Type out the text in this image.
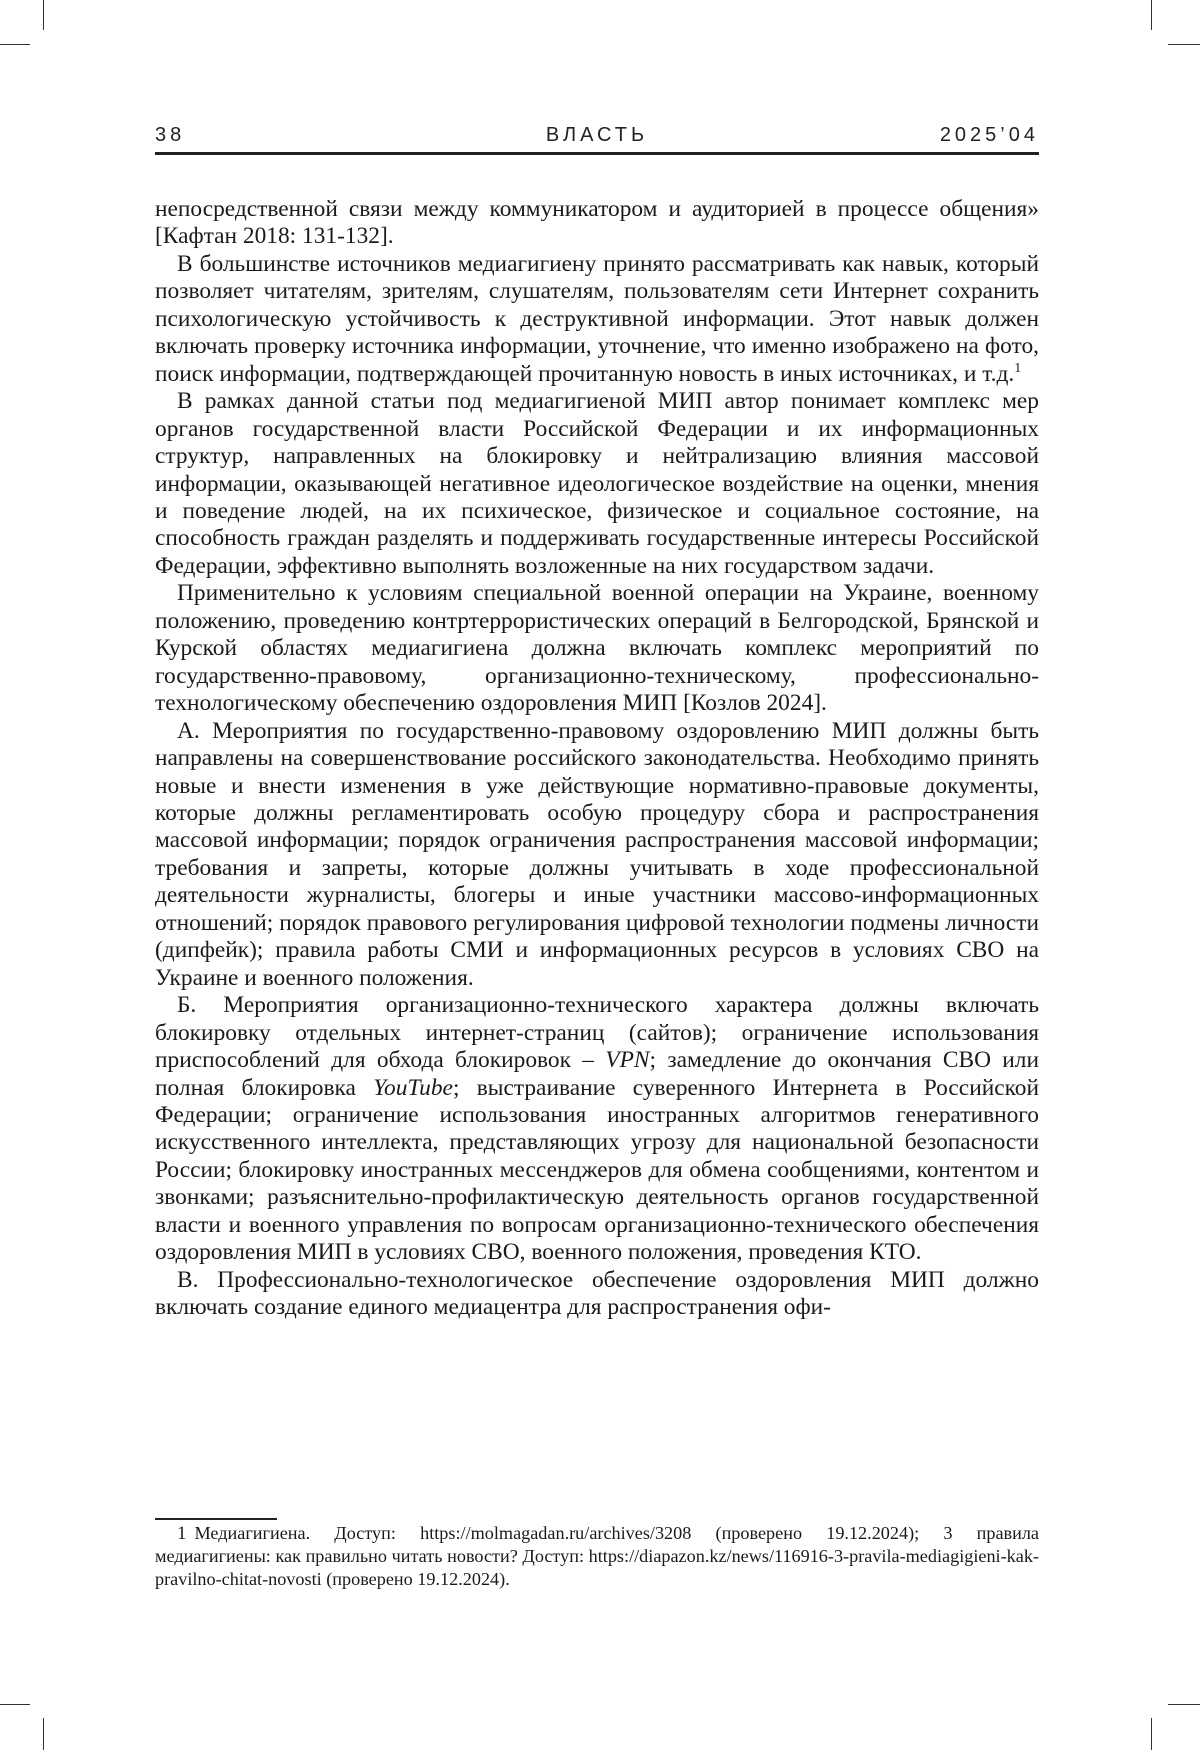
38	ВЛАСТЬ	2025’04

непосредственной связи между коммуникатором и аудиторией в процессе общения» [Кафтан 2018: 131-132].

В большинстве источников медиагигиену принято рассматривать как навык, который позволяет читателям, зрителям, слушателям, пользователям сети Интернет сохранить психологическую устойчивость к деструктивной информации. Этот навык должен включать проверку источника информации, уточнение, что именно изображено на фото, поиск информации, подтверждающей прочитанную новость в иных источниках, и т.д.1

В рамках данной статьи под медиагигиеной МИП автор понимает комплекс мер органов государственной власти Российской Федерации и их информационных структур, направленных на блокировку и нейтрализацию влияния массовой информации, оказывающей негативное идеологическое воздействие на оценки, мнения и поведение людей, на их психическое, физическое и социальное состояние, на способность граждан разделять и поддерживать государственные интересы Российской Федерации, эффективно выполнять возложенные на них государством задачи.

Применительно к условиям специальной военной операции на Украине, военному положению, проведению контртеррористических операций в Белгородской, Брянской и Курской областях медиагигиена должна включать комплекс мероприятий по государственно-правовому, организационно-техническому, профессионально-технологическому обеспечению оздоровления МИП [Козлов 2024].

А. Мероприятия по государственно-правовому оздоровлению МИП должны быть направлены на совершенствование российского законодательства. Необходимо принять новые и внести изменения в уже действующие нормативно-правовые документы, которые должны регламентировать особую процедуру сбора и распространения массовой информации; порядок ограничения распространения массовой информации; требования и запреты, которые должны учитывать в ходе профессиональной деятельности журналисты, блогеры и иные участники массово-информационных отношений; порядок правового регулирования цифровой технологии подмены личности (дипфейк); правила работы СМИ и информационных ресурсов в условиях СВО на Украине и военного положения.

Б. Мероприятия организационно-технического характера должны включать блокировку отдельных интернет-страниц (сайтов); ограничение использования приспособлений для обхода блокировок – VPN; замедление до окончания СВО или полная блокировка YouTube; выстраивание суверенного Интернета в Российской Федерации; ограничение использования иностранных алгоритмов генеративного искусственного интеллекта, представляющих угрозу для национальной безопасности России; блокировку иностранных мессенджеров для обмена сообщениями, контентом и звонками; разъяснительно-профилактическую деятельность органов государственной власти и военного управления по вопросам организационно-технического обеспечения оздоровления МИП в условиях СВО, военного положения, проведения КТО.

В. Профессионально-технологическое обеспечение оздоровления МИП должно включать создание единого медиацентра для распространения офи-

1 Медиагигиена. Доступ: https://molmagadan.ru/archives/3208 (проверено 19.12.2024); 3 правила медиагигиены: как правильно читать новости? Доступ: https://diapazon.kz/news/116916-3-pravila-mediagigieni-kak-pravilno-chitat-novosti (проверено 19.12.2024).
